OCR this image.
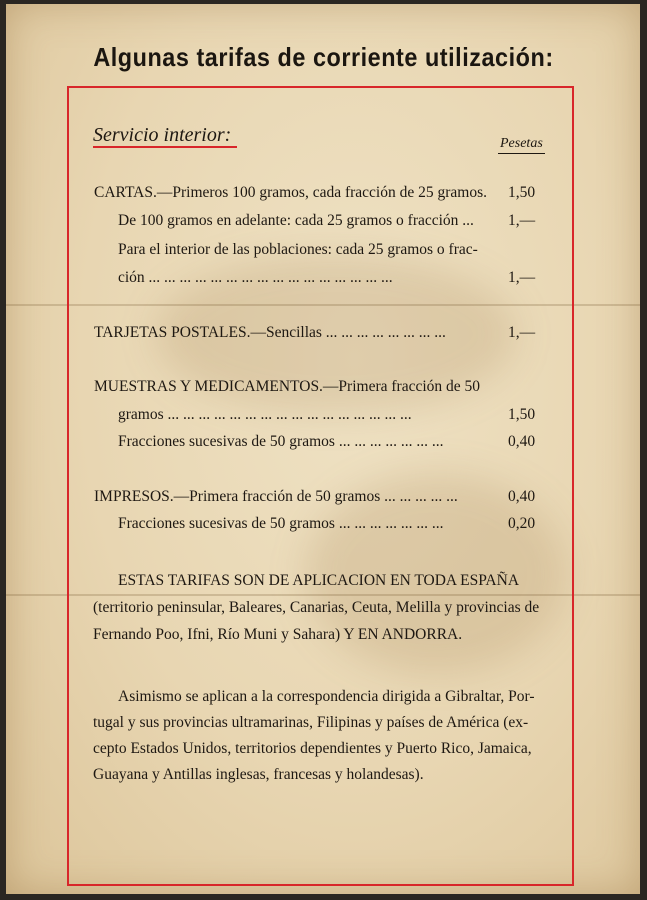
Algunas tarifas de corriente utilización:
Servicio interior:	Pesetas
CARTAS.—Primeros 100 gramos, cada fracción de 25 gramos. 1,50
De 100 gramos en adelante: cada 25 gramos o fracción ... 1,—
Para el interior de las poblaciones: cada 25 gramos o frac-
ción ... ... ... ... ... ... ... ... ... ... ... ... ... ... ... ...	1,—
TARJETAS POSTALES.—Sencillas ... ... ... ... ... ... ... ...	1,—
MUESTRAS Y MEDICAMENTOS.—Primera fracción de 50
gramos ... ... ... ... ... ... ... ... ... ... ... ... ... ... ... ...	1,50
Fracciones sucesivas de 50 gramos ... ... ... ... ... ... ...	0,40
IMPRESOS.—Primera fracción de 50 gramos ... ... ... ... ...	0,40
Fracciones sucesivas de 50 gramos ... ... ... ... ... ... ...	0,20
ESTAS TARIFAS SON DE APLICACION EN TODA ESPAÑA
(territorio peninsular, Baleares, Canarias, Ceuta, Melilla y provincias de
Fernando Poo, Ifni, Río Muni y Sahara) Y EN ANDORRA.
Asimismo se aplican a la correspondencia dirigida a Gibraltar, Por-
tugal y sus provincias ultramarinas, Filipinas y países de América (ex-
cepto Estados Unidos, territorios dependientes y Puerto Rico, Jamaica,
Guayana y Antillas inglesas, francesas y holandesas).
